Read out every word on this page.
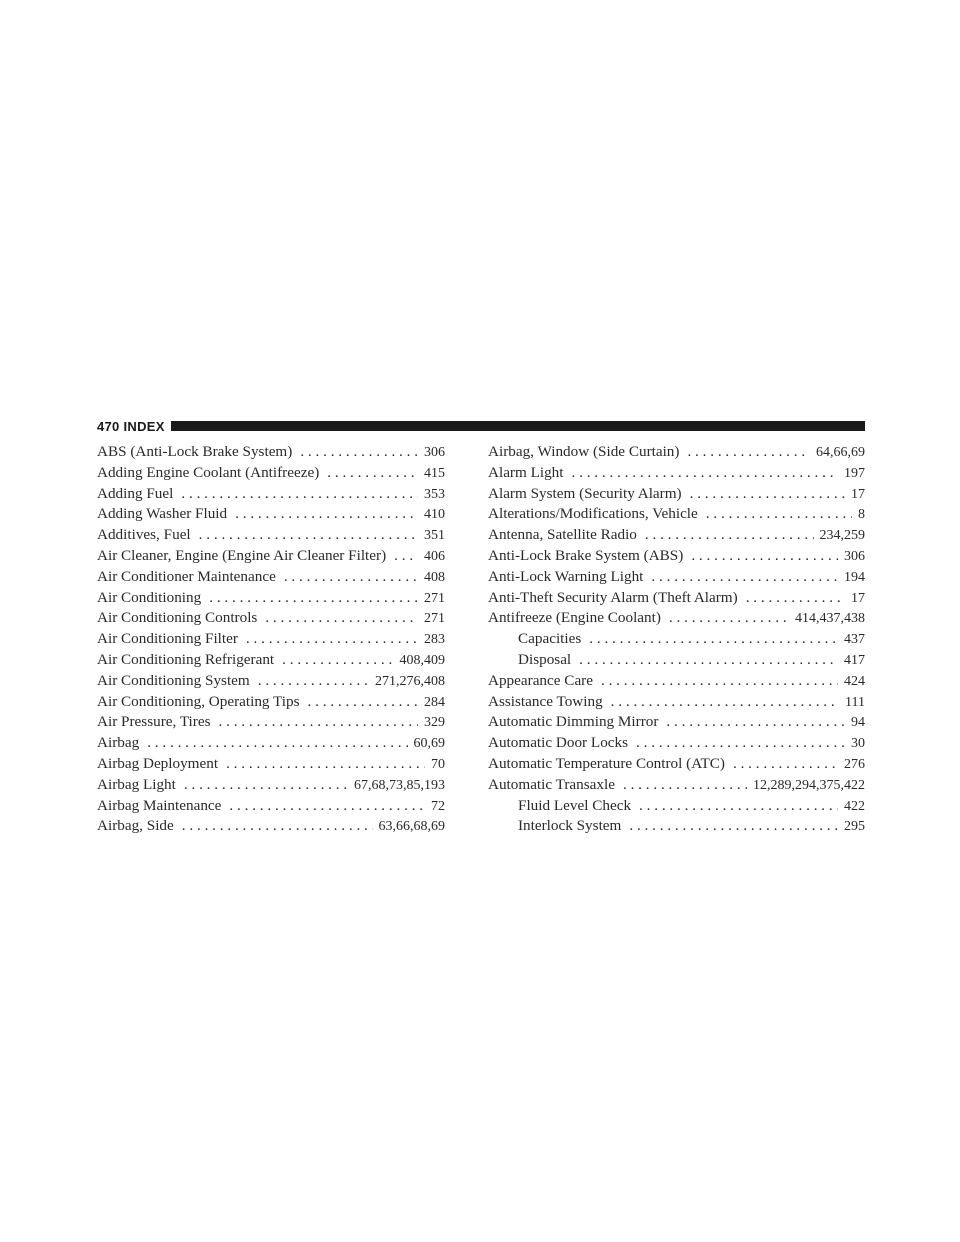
470 INDEX
ABS (Anti-Lock Brake System) . . .	306
Adding Engine Coolant (Antifreeze) . . .	415
Adding Fuel . . .	353
Adding Washer Fluid . . .	410
Additives, Fuel . . .	351
Air Cleaner, Engine (Engine Air Cleaner Filter) . . .	406
Air Conditioner Maintenance . . .	408
Air Conditioning . . .	271
Air Conditioning Controls . . .	271
Air Conditioning Filter . . .	283
Air Conditioning Refrigerant . . .	408,409
Air Conditioning System . . .	271,276,408
Air Conditioning, Operating Tips . . .	284
Air Pressure, Tires . . .	329
Airbag . . .	60,69
Airbag Deployment . . .	70
Airbag Light . . .	67,68,73,85,193
Airbag Maintenance . . .	72
Airbag, Side . . .	63,66,68,69
Airbag, Window (Side Curtain) . . .	64,66,69
Alarm Light . . .	197
Alarm System (Security Alarm) . . .	17
Alterations/Modifications, Vehicle . . .	8
Antenna, Satellite Radio . . .	234,259
Anti-Lock Brake System (ABS) . . .	306
Anti-Lock Warning Light . . .	194
Anti-Theft Security Alarm (Theft Alarm) . . .	17
Antifreeze (Engine Coolant) . . .	414,437,438
Capacities . . .	437
Disposal . . .	417
Appearance Care . . .	424
Assistance Towing . . .	111
Automatic Dimming Mirror . . .	94
Automatic Door Locks . . .	30
Automatic Temperature Control (ATC) . . .	276
Automatic Transaxle . . .	12,289,294,375,422
Fluid Level Check . . .	422
Interlock System . . .	295
